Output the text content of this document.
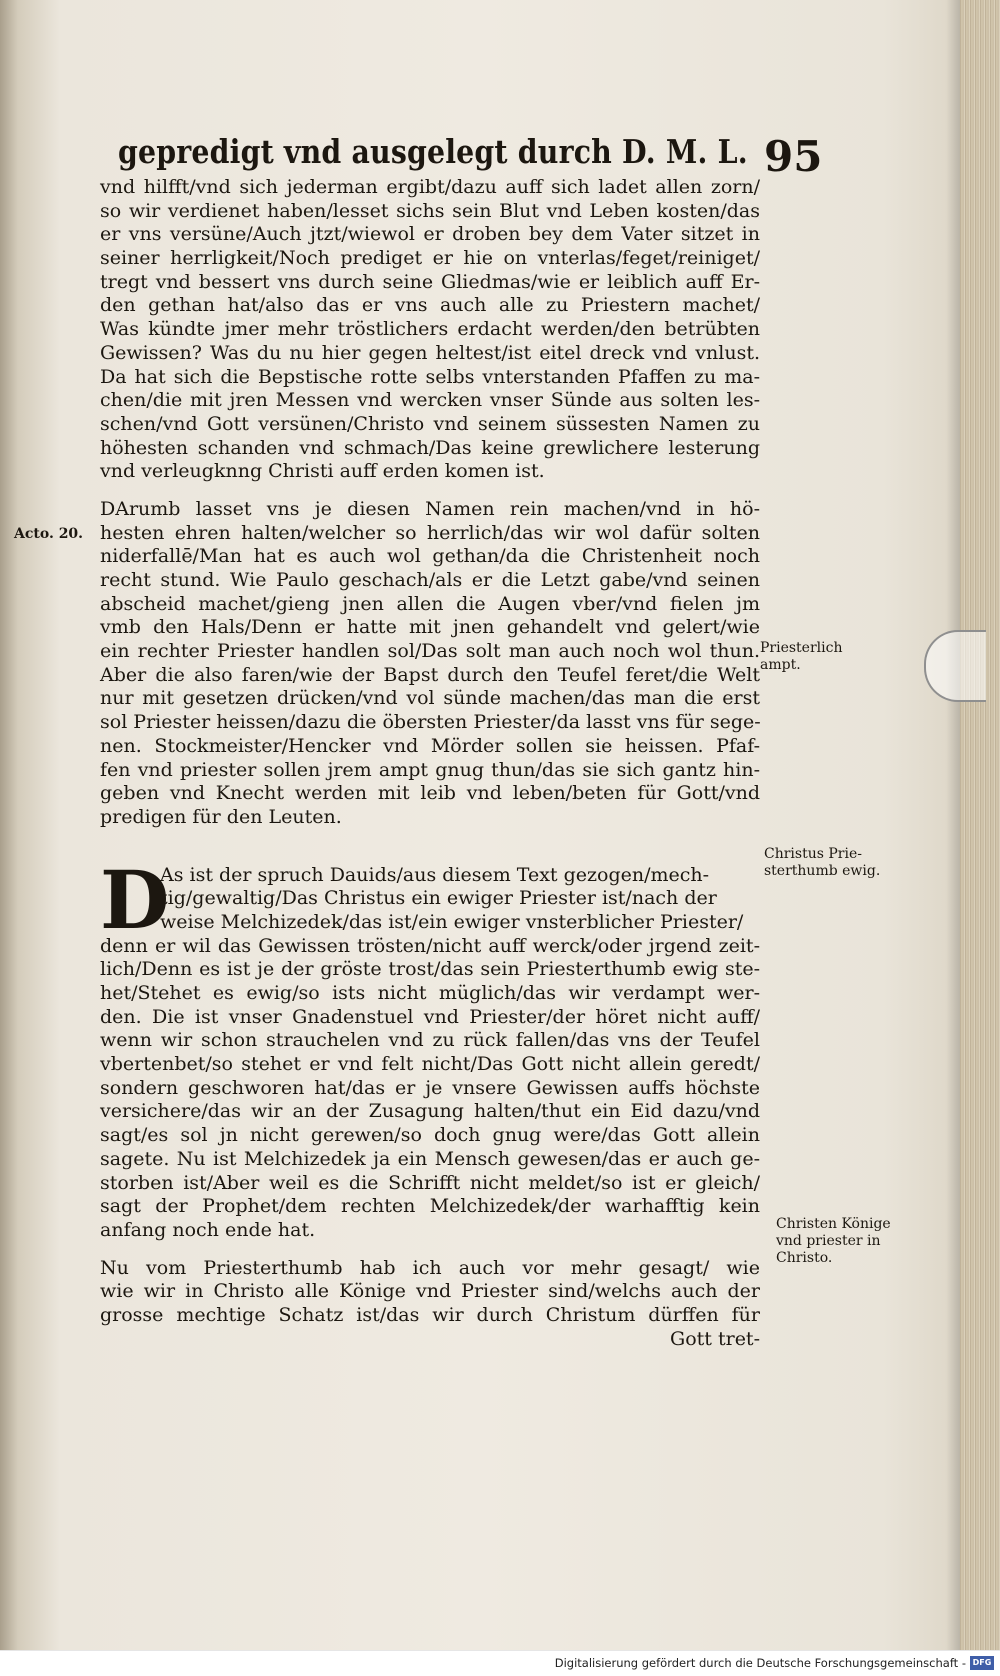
gepredigt vnd ausgelegt durch D. M. L. 95
vnd hilfft/vnd sich jederman ergibt/dazu auff sich ladet allen zorn/
so wir verdienet haben/lesset sichs sein Blut vnd Leben kosten/das
er vns versüne/Auch jtzt/wiewol er droben bey dem Vater sitzet in
seiner herrligkeit/Noch prediget er hie on vnterlas/feget/reiniget/
tregt vnd bessert vns durch seine Gliedmas/wie er leiblich auff Er-
den gethan hat/also das er vns auch alle zu Priestern machet/
Was kündte jmer mehr tröstlichers erdacht werden/den betrübten
Gewissen? Was du nu hier gegen heltest/ist eitel dreck vnd vnlust.
Da hat sich die Bepstische rotte selbs vnterstanden Pfaffen zu ma-
chen/die mit jren Messen vnd wercken vnser Sünde aus solten les-
schen/vnd Gott versünen/Christo vnd seinem süssesten Namen zu
höhesten schanden vnd schmach/Das keine grewlichere lesterung
vnd verleugknng Christi auff erden komen ist.
DArumb lasset vns je diesen Namen rein machen/vnd in hö-
hesten ehren halten/welcher so herrlich/das wir wol dafür solten
niderfallē/Man hat es auch wol gethan/da die Christenheit noch
recht stund. Wie Paulo geschach/als er die Letzt gabe/vnd seinen
abscheid machet/gieng jnen allen die Augen vber/vnd fielen jm
vmb den Hals/Denn er hatte mit jnen gehandelt vnd gelert/wie
ein rechter Priester handlen sol/Das solt man auch noch wol thun.
Aber die also faren/wie der Bapst durch den Teufel feret/die Welt
nur mit gesetzen drücken/vnd vol sünde machen/das man die erst
sol Priester heissen/dazu die öbersten Priester/da lasst vns für sege-
nen. Stockmeister/Hencker vnd Mörder sollen sie heissen. Pfaf-
fen vnd priester sollen jrem ampt gnug thun/das sie sich gantz hin-
geben vnd Knecht werden mit leib vnd leben/beten für Gott/vnd
predigen für den Leuten.
D
As ist der spruch Dauids/aus diesem Text gezogen/mech-
tig/gewaltig/Das Christus ein ewiger Priester ist/nach der
weise Melchizedek/das ist/ein ewiger vnsterblicher Priester/
denn er wil das Gewissen trösten/nicht auff werck/oder jrgend zeit-
lich/Denn es ist je der gröste trost/das sein Priesterthumb ewig ste-
het/Stehet es ewig/so ists nicht müglich/das wir verdampt wer-
den. Die ist vnser Gnadenstuel vnd Priester/der höret nicht auff/
wenn wir schon strauchelen vnd zu rück fallen/das vns der Teufel
vbertenbet/so stehet er vnd felt nicht/Das Gott nicht allein geredt/
sondern geschworen hat/das er je vnsere Gewissen auffs höchste
versichere/das wir an der Zusagung halten/thut ein Eid dazu/vnd
sagt/es sol jn nicht gerewen/so doch gnug were/das Gott allein
sagete. Nu ist Melchizedek ja ein Mensch gewesen/das er auch ge-
storben ist/Aber weil es die Schrifft nicht meldet/so ist er gleich/
sagt der Prophet/dem rechten Melchizedek/der warhafftig kein
anfang noch ende hat.
Nu vom Priesterthumb hab ich auch vor mehr gesagt/ wie
wie wir in Christo alle Könige vnd Priester sind/welchs auch der
grosse mechtige Schatz ist/das wir durch Christum dürffen für
Gott tret-
Acto. 20.
Priesterlich
ampt.
Christus Prie-
sterthumb ewig.
Christen Könige
vnd priester in
Christo.
Digitalisierung gefördert durch die Deutsche Forschungsgemeinschaft - DFG
